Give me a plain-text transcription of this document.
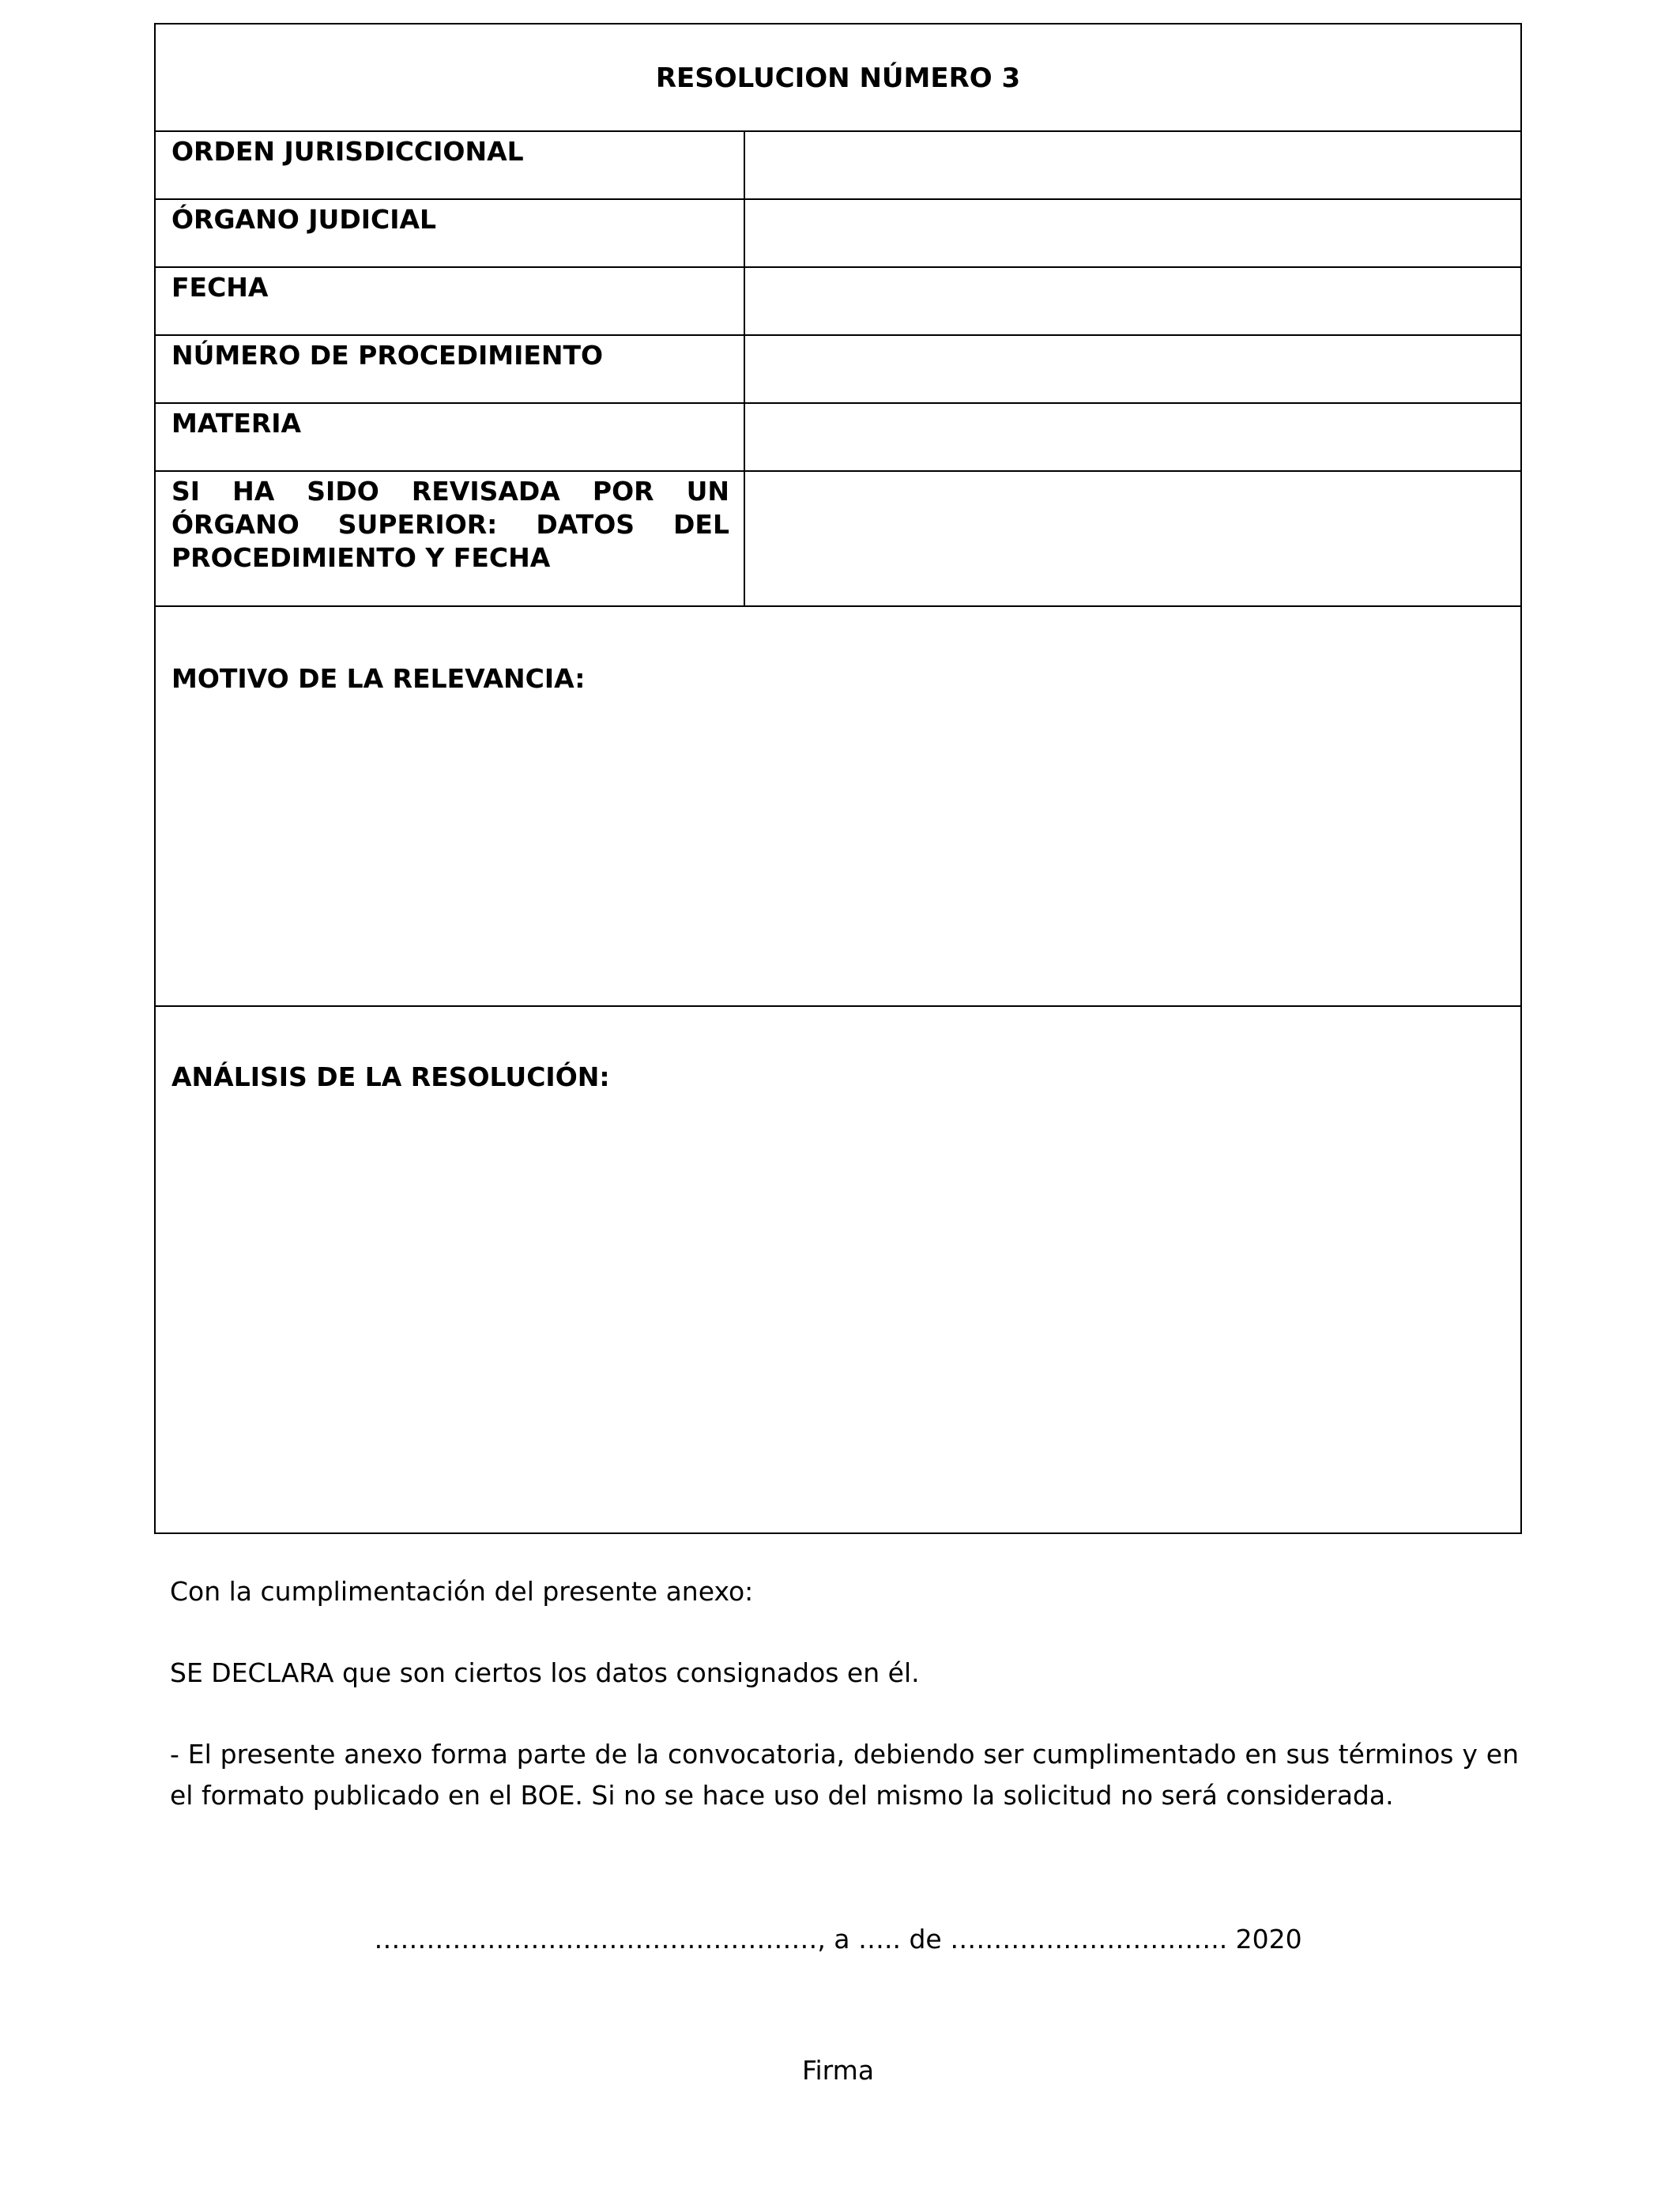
RESOLUCION NÚMERO 3
ORDEN JURISDICCIONAL
ÓRGANO JUDICIAL
FECHA
NÚMERO DE PROCEDIMIENTO
MATERIA
SI HA SIDO REVISADA POR UN ÓRGANO SUPERIOR: DATOS DEL PROCEDIMIENTO Y FECHA
MOTIVO DE LA RELEVANCIA:
ANÁLISIS DE LA RESOLUCIÓN:
Con la cumplimentación del presente anexo:
SE DECLARA que son ciertos los datos consignados en él.
- El presente anexo forma parte de la convocatoria, debiendo ser cumplimentado en sus términos y en el formato publicado en el BOE. Si no se hace uso del mismo la solicitud no será considerada.
……………………………………………, a ….. de ………………………….. 2020
Firma
